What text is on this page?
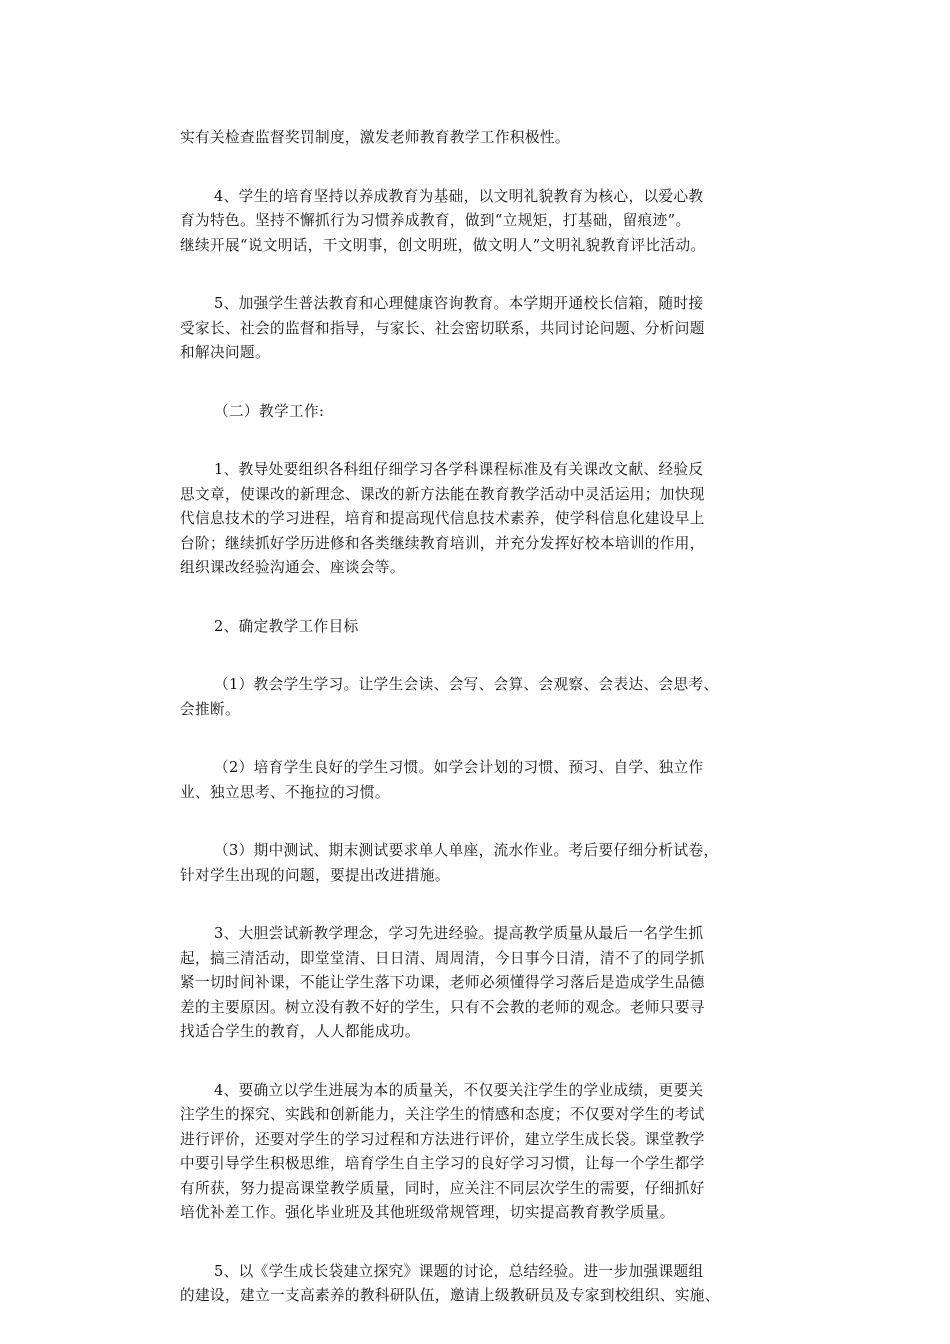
实有关检查监督奖罚制度，激发老师教育教学工作积极性。

4、学生的培育坚持以养成教育为基础，以文明礼貌教育为核心，以爱心教
育为特色。坚持不懈抓行为习惯养成教育，做到“立规矩，打基础，留痕迹”。
继续开展“说文明话，干文明事，创文明班，做文明人”文明礼貌教育评比活动。

5、加强学生普法教育和心理健康咨询教育。本学期开通校长信箱，随时接
受家长、社会的监督和指导，与家长、社会密切联系，共同讨论问题、分析问题
和解决问题。

（二）教学工作:

1、教导处要组织各科组仔细学习各学科课程标准及有关课改文献、经验反
思文章，使课改的新理念、课改的新方法能在教育教学活动中灵活运用；加快现
代信息技术的学习进程，培育和提高现代信息技术素养，使学科信息化建设早上
台阶；继续抓好学历进修和各类继续教育培训，并充分发挥好校本培训的作用，
组织课改经验沟通会、座谈会等。

2、确定教学工作目标

（1）教会学生学习。让学生会读、会写、会算、会观察、会表达、会思考、
会推断。

（2）培育学生良好的学生习惯。如学会计划的习惯、预习、自学、独立作
业、独立思考、不拖拉的习惯。

（3）期中测试、期末测试要求单人单座，流水作业。考后要仔细分析试卷，
针对学生出现的问题，要提出改进措施。

3、大胆尝试新教学理念，学习先进经验。提高教学质量从最后一名学生抓
起，搞三清活动，即堂堂清、日日清、周周清，今日事今日清，清不了的同学抓
紧一切时间补课，不能让学生落下功课，老师必须懂得学习落后是造成学生品德
差的主要原因。树立没有教不好的学生，只有不会教的老师的观念。老师只要寻
找适合学生的教育，人人都能成功。

4、要确立以学生进展为本的质量关，不仅要关注学生的学业成绩，更要关
注学生的探究、实践和创新能力，关注学生的情感和态度；不仅要对学生的考试
进行评价，还要对学生的学习过程和方法进行评价，建立学生成长袋。课堂教学
中要引导学生积极思维，培育学生自主学习的良好学习习惯，让每一个学生都学
有所获，努力提高课堂教学质量，同时，应关注不同层次学生的需要，仔细抓好
培优补差工作。强化毕业班及其他班级常规管理，切实提高教育教学质量。

5、以《学生成长袋建立探究》课题的讨论，总结经验。进一步加强课题组
的建设，建立一支高素养的教科研队伍，邀请上级教研员及专家到校组织、实施、
